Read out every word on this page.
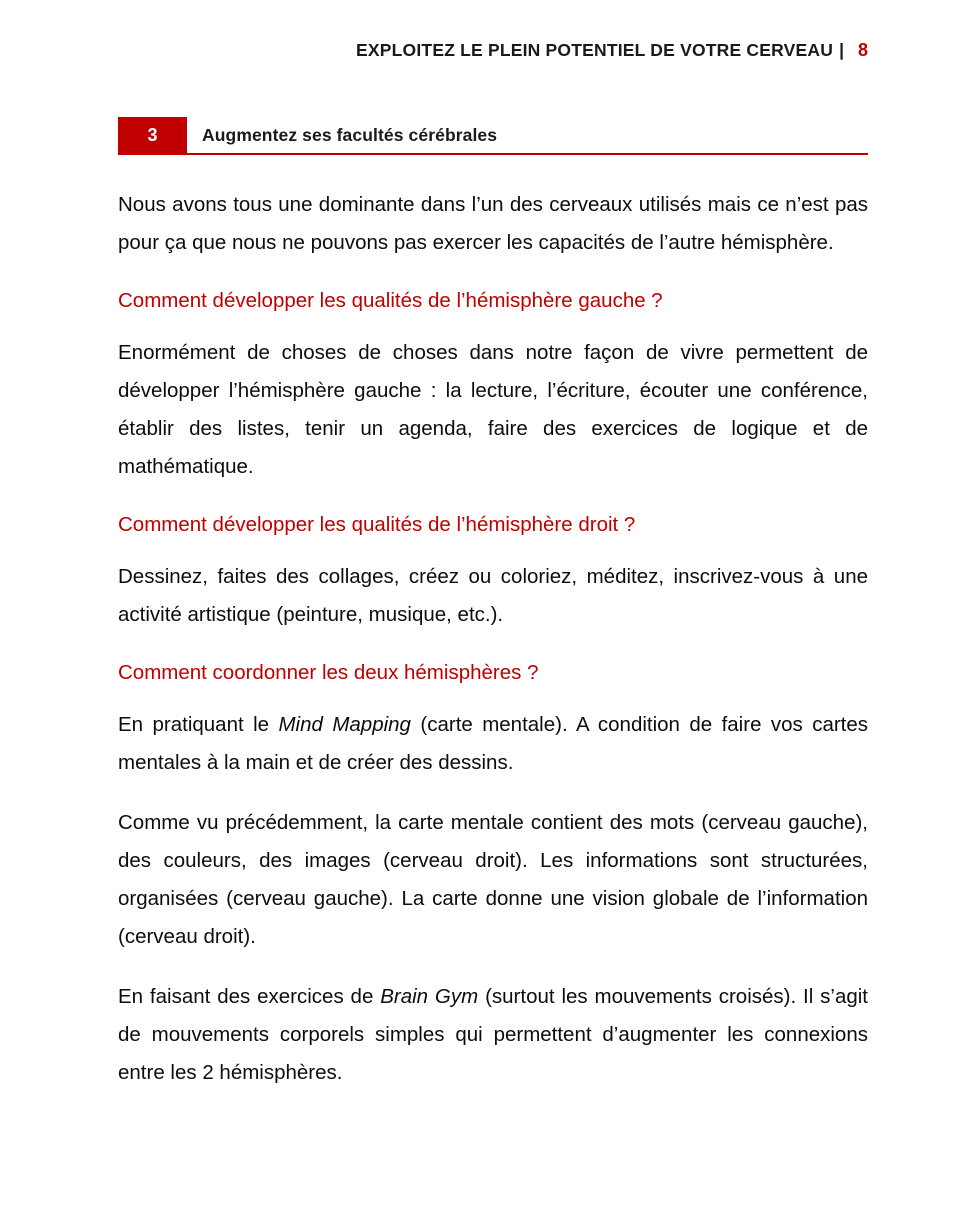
EXPLOITEZ LE PLEIN POTENTIEL DE VOTRE CERVEAU | 8
3	Augmentez ses facultés cérébrales

Nous avons tous une dominante dans l’un des cerveaux utilisés mais ce n’est pas pour ça que nous ne pouvons pas exercer les capacités de l’autre hémisphère.

Comment développer les qualités de l’hémisphère gauche ?

Enormément de choses de choses dans notre façon de vivre permettent de développer l’hémisphère gauche : la lecture, l’écriture, écouter une conférence, établir des listes, tenir un agenda, faire des exercices de logique et de mathématique.

Comment développer les qualités de l’hémisphère droit ?

Dessinez, faites des collages, créez ou coloriez, méditez, inscrivez-vous à une activité artistique (peinture, musique, etc.).

Comment coordonner les deux hémisphères ?

En pratiquant le Mind Mapping (carte mentale). A condition de faire vos cartes mentales à la main et de créer des dessins.

Comme vu précédemment, la carte mentale contient des mots (cerveau gauche), des couleurs, des images (cerveau droit). Les informations sont structurées, organisées (cerveau gauche). La carte donne une vision globale de l’information (cerveau droit).

En faisant des exercices de Brain Gym (surtout les mouvements croisés). Il s’agit de mouvements corporels simples qui permettent d’augmenter les connexions entre les 2 hémisphères.
